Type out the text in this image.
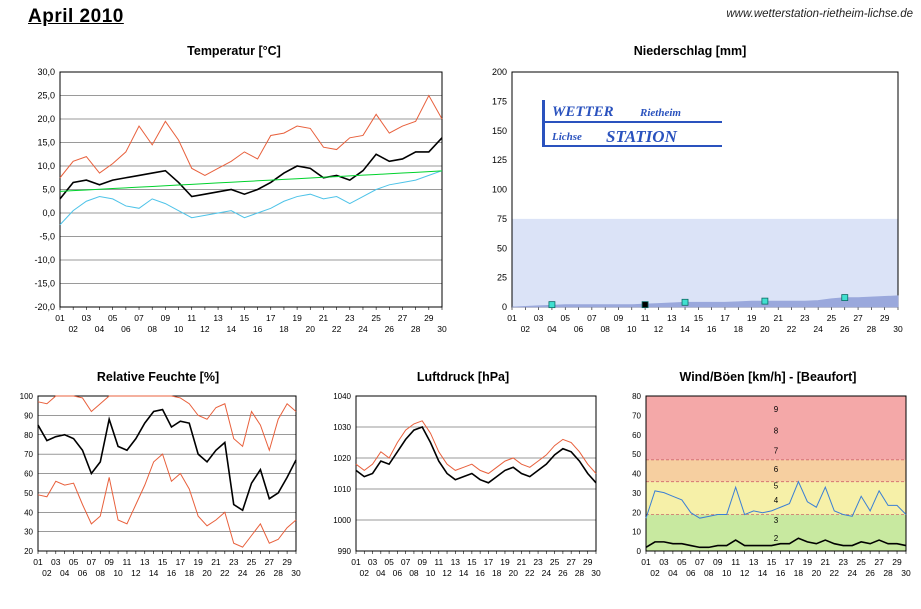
April 2010	www.wetterstation-rietheim-lichse.de
Temperatur [°C]
30,0
25,0
20,0
15,0
10,0
5,0
0,0
-5,0
-10,0
-15,0
-20,0
01
02
03
04
05
06
07
08
09
10
11
12
13
14
15
16
17
18
19
20
21
22
23
24
25
26
27
28
29
30
Niederschlag [mm]
200
175
150
125
100
75
50
25
0
01
02
03
04
05
06
07
08
09
10
11
12
13
14
15
16
17
18
19
20
21
22
23
24
25
26
27
28
29
30
WETTER Rietheim
Lichse STATION
Relative Feuchte [%]
100
90
80
70
60
50
40
30
20
01
02
03
04
05
06
07
08
09
10
11
12
13
14
15
16
17
18
19
20
21
22
23
24
25
26
27
28
29
30
Luftdruck [hPa]
1040
1030
1020
1010
1000
990
01
02
03
04
05
06
07
08
09
10
11
12
13
14
15
16
17
18
19
20
21
22
23
24
25
26
27
28
29
30
Wind/Böen [km/h] - [Beaufort]
9
8
7
6
5
4
3
2
80
70
60
50
40
30
20
10
0
01
02
03
04
05
06
07
08
09
10
11
12
13
14
15
16
17
18
19
20
21
22
23
24
25
26
27
28
29
30
